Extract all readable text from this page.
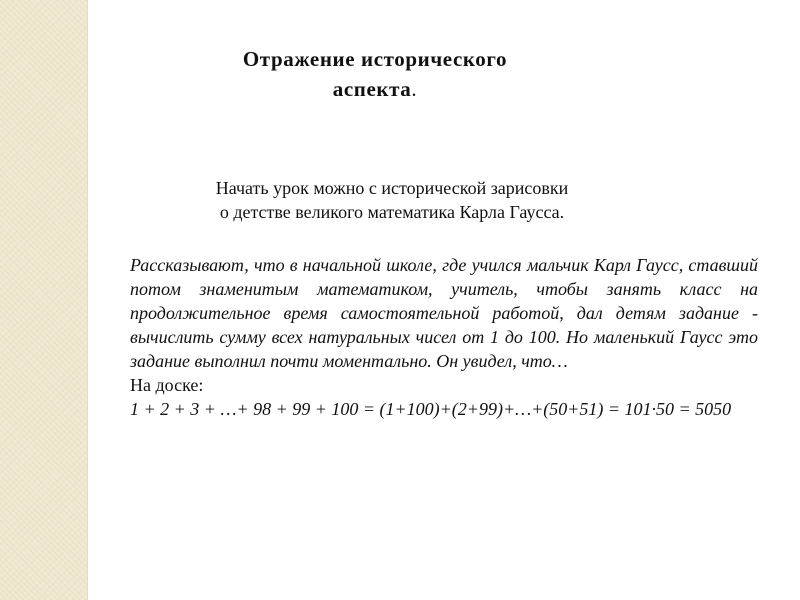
Отражение исторического
аспекта.
Начать урок можно с исторической зарисовки
о детстве великого математика Карла Гаусса.

Рассказывают, что в начальной школе, где учился мальчик Карл Гаусс, ставший потом знаменитым математиком, учитель, чтобы занять класс на продолжительное время самостоятельной работой, дал детям задание - вычислить сумму всех натуральных чисел от 1 до 100. Но маленький Гаусс это задание выполнил почти моментально. Он увидел, что…

На доске:

1 + 2 + 3 + …+ 98 + 99 + 100 = (1+100)+(2+99)+…+(50+51) = 101·50 = 5050
